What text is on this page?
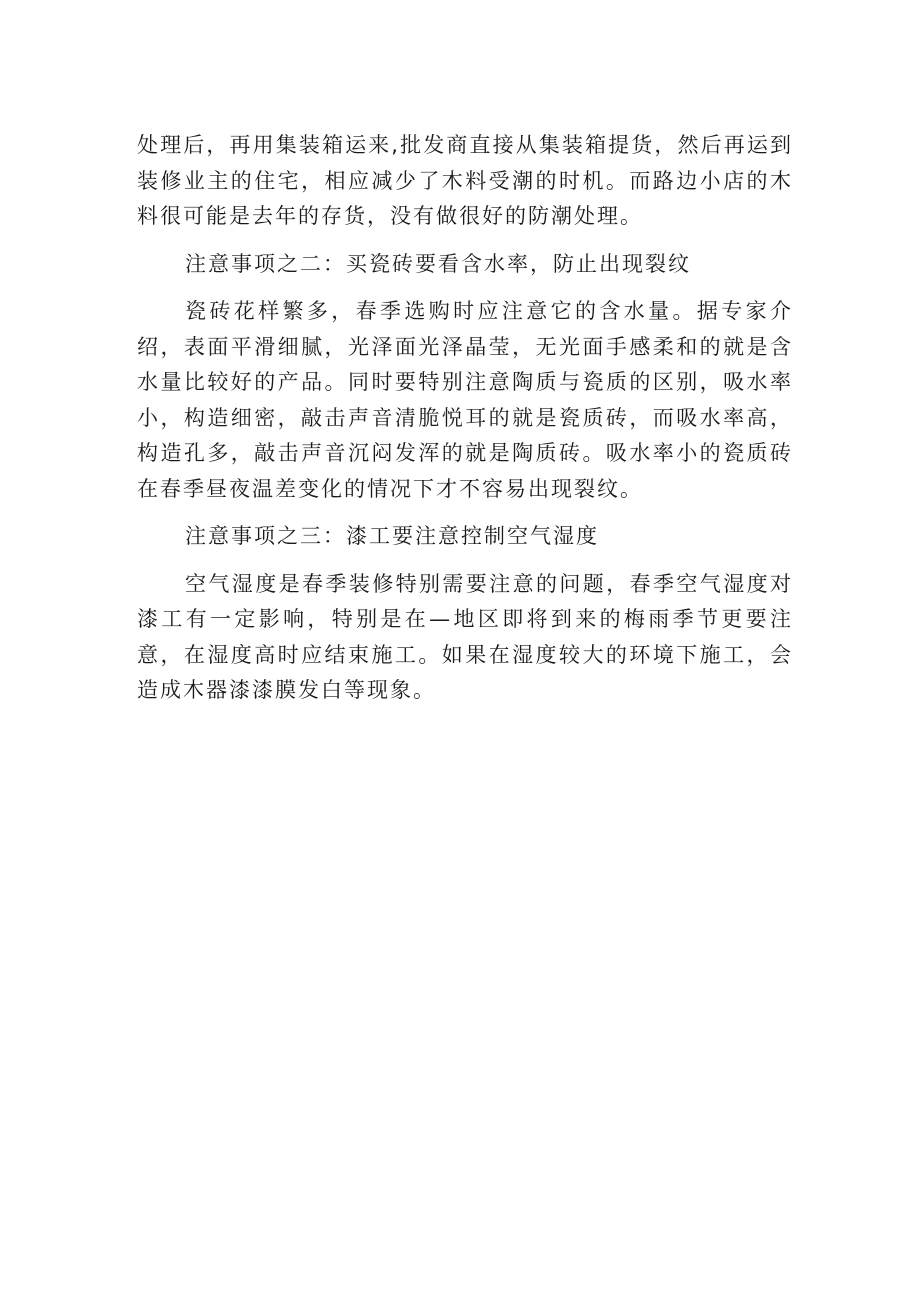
处理后，再用集装箱运来,批发商直接从集装箱提货，然后再运到装修业主的住宅，相应减少了木料受潮的时机。而路边小店的木料很可能是去年的存货，没有做很好的防潮处理。

注意事项之二：买瓷砖要看含水率，防止出现裂纹

瓷砖花样繁多，春季选购时应注意它的含水量。据专家介绍，表面平滑细腻，光泽面光泽晶莹，无光面手感柔和的就是含水量比较好的产品。同时要特别注意陶质与瓷质的区别，吸水率小，构造细密，敲击声音清脆悦耳的就是瓷质砖，而吸水率高，构造孔多，敲击声音沉闷发浑的就是陶质砖。吸水率小的瓷质砖在春季昼夜温差变化的情况下才不容易出现裂纹。

注意事项之三：漆工要注意控制空气湿度

空气湿度是春季装修特别需要注意的问题，春季空气湿度对漆工有一定影响，特别是在—地区即将到来的梅雨季节更要注意，在湿度高时应结束施工。如果在湿度较大的环境下施工，会造成木器漆漆膜发白等现象。
